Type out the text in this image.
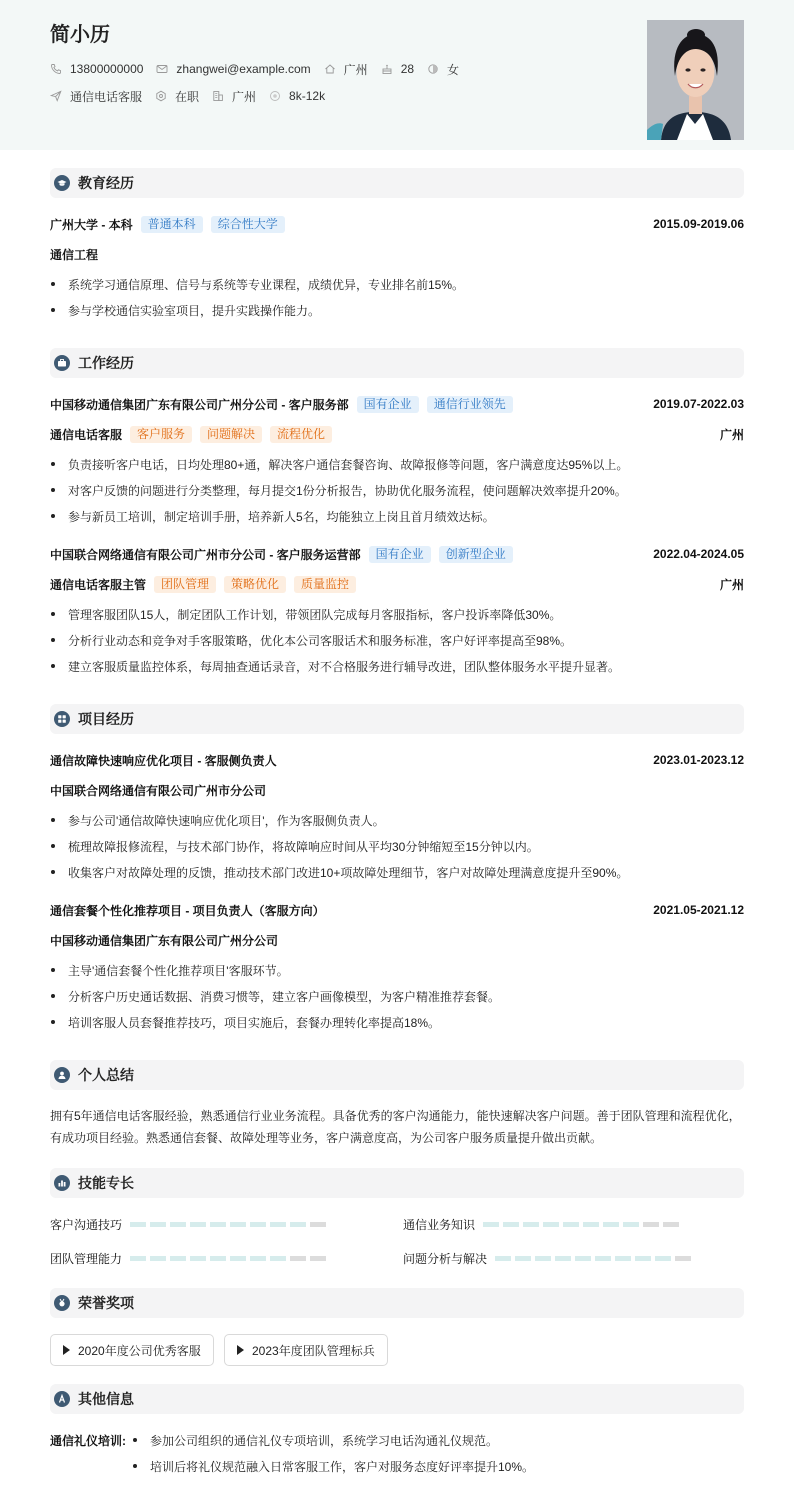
简小历
13800000000	zhangwei@example.com	广州	28	女
通信电话客服	在职	广州	8k-12k
教育经历
广州大学 - 本科	普通本科	综合性大学	2015.09-2019.06
通信工程
系统学习通信原理、信号与系统等专业课程，成绩优异，专业排名前15%。
参与学校通信实验室项目，提升实践操作能力。
工作经历
中国移动通信集团广东有限公司广州分公司 - 客户服务部	国有企业	通信行业领先	2019.07-2022.03
通信电话客服	客户服务	问题解决	流程优化	广州
负责接听客户电话，日均处理80+通，解决客户通信套餐咨询、故障报修等问题，客户满意度达95%以上。
对客户反馈的问题进行分类整理，每月提交1份分析报告，协助优化服务流程，使问题解决效率提升20%。
参与新员工培训，制定培训手册，培养新人5名，均能独立上岗且首月绩效达标。
中国联合网络通信有限公司广州市分公司 - 客户服务运营部	国有企业	创新型企业	2022.04-2024.05
通信电话客服主管	团队管理	策略优化	质量监控	广州
管理客服团队15人，制定团队工作计划，带领团队完成每月客服指标，客户投诉率降低30%。
分析行业动态和竞争对手客服策略，优化本公司客服话术和服务标准，客户好评率提高至98%。
建立客服质量监控体系，每周抽查通话录音，对不合格服务进行辅导改进，团队整体服务水平提升显著。
项目经历
通信故障快速响应优化项目 - 客服侧负责人	2023.01-2023.12
中国联合网络通信有限公司广州市分公司
参与公司'通信故障快速响应优化项目'，作为客服侧负责人。
梳理故障报修流程，与技术部门协作，将故障响应时间从平均30分钟缩短至15分钟以内。
收集客户对故障处理的反馈，推动技术部门改进10+项故障处理细节，客户对故障处理满意度提升至90%。
通信套餐个性化推荐项目 - 项目负责人（客服方向）	2021.05-2021.12
中国移动通信集团广东有限公司广州分公司
主导'通信套餐个性化推荐项目'客服环节。
分析客户历史通话数据、消费习惯等，建立客户画像模型，为客户精准推荐套餐。
培训客服人员套餐推荐技巧，项目实施后，套餐办理转化率提高18%。
个人总结
拥有5年通信电话客服经验，熟悉通信行业业务流程。具备优秀的客户沟通能力，能快速解决客户问题。善于团队管理和流程优化，
有成功项目经验。熟悉通信套餐、故障处理等业务，客户满意度高，为公司客户服务质量提升做出贡献。
技能专长
客户沟通技巧	通信业务知识
团队管理能力	问题分析与解决
荣誉奖项
2020年度公司优秀客服	2023年度团队管理标兵
其他信息
通信礼仪培训: 参加公司组织的通信礼仪专项培训，系统学习电话沟通礼仪规范。
培训后将礼仪规范融入日常客服工作，客户对服务态度好评率提升10%。
